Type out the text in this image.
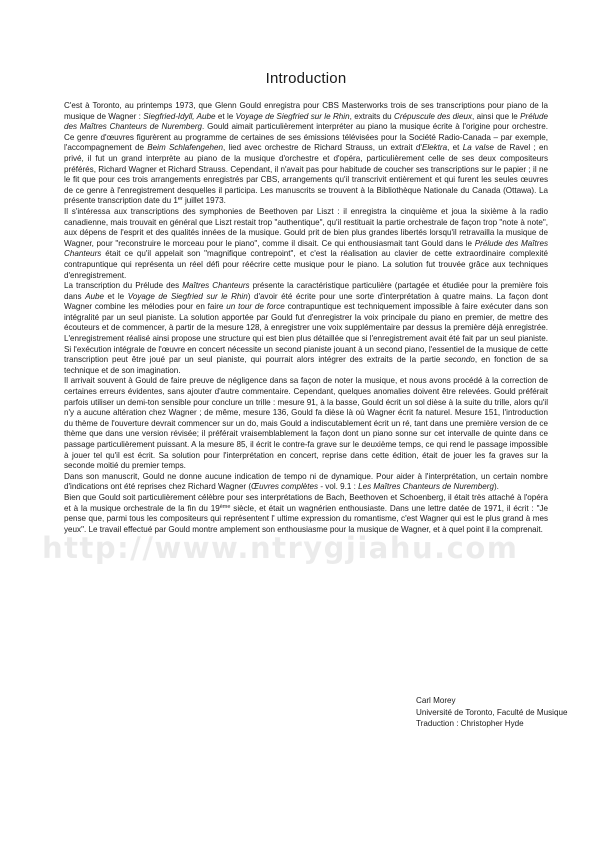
Introduction

C'est à Toronto, au printemps 1973, que Glenn Gould enregistra pour CBS Masterworks trois de ses transcriptions pour piano de la musique de Wagner : Siegfried-Idyll, Aube et le Voyage de Siegfried sur le Rhin, extraits du Crépuscule des dieux, ainsi que le Prélude des Maîtres Chanteurs de Nuremberg. Gould aimait particulièrement interpréter au piano la musique écrite à l'origine pour orchestre. Ce genre d'œuvres figurèrent au programme de certaines de ses émissions télévisées pour la Société Radio-Canada – par exemple, l'accompagnement de Beim Schlafengehen, lied avec orchestre de Richard Strauss, un extrait d'Elektra, et La valse de Ravel ; en privé, il fut un grand interprète au piano de la musique d'orchestre et d'opéra, particulièrement celle de ses deux compositeurs préférés, Richard Wagner et Richard Strauss. Cependant, il n'avait pas pour habitude de coucher ses transcriptions sur le papier ; il ne le fit que pour ces trois arrangements enregistrés par CBS, arrangements qu'il transcrivit entièrement et qui furent les seules œuvres de ce genre à l'enregistrement desquelles il participa. Les manuscrits se trouvent à la Bibliothèque Nationale du Canada (Ottawa). La présente transcription date du 1er juillet 1973.

Il s'intéressa aux transcriptions des symphonies de Beethoven par Liszt : il enregistra la cinquième et joua la sixième à la radio canadienne, mais trouvait en général que Liszt restait trop "authentique", qu'il restituait la partie orchestrale de façon trop "note à note", aux dépens de l'esprit et des qualités innées de la musique. Gould prit de bien plus grandes libertés lorsqu'il retravailla la musique de Wagner, pour "reconstruire le morceau pour le piano", comme il disait. Ce qui enthousiasmait tant Gould dans le Prélude des Maîtres Chanteurs était ce qu'il appelait son "magnifique contrepoint", et c'est la réalisation au clavier de cette extraordinaire complexité contrapuntique qui représenta un réel défi pour réécrire cette musique pour le piano. La solution fut trouvée grâce aux techniques d'enregistrement.

La transcription du Prélude des Maîtres Chanteurs présente la caractéristique particulière (partagée et étudiée pour la première fois dans Aube et le Voyage de Siegfried sur le Rhin) d'avoir été écrite pour une sorte d'interprétation à quatre mains. La façon dont Wagner combine les mélodies pour en faire un tour de force contrapuntique est techniquement impossible à faire exécuter dans son intégralité par un seul pianiste. La solution apportée par Gould fut d'enregistrer la voix principale du piano en premier, de mettre des écouteurs et de commencer, à partir de la mesure 128, à enregistrer une voix supplémentaire par dessus la première déjà enregistrée. L'enregistrement réalisé ainsi propose une structure qui est bien plus détaillée que si l'enregistrement avait été fait par un seul pianiste. Si l'exécution intégrale de l'œuvre en concert nécessite un second pianiste jouant à un second piano, l'essentiel de la musique de cette transcription peut être joué par un seul pianiste, qui pourrait alors intégrer des extraits de la partie secondo, en fonction de sa technique et de son imagination.

Il arrivait souvent à Gould de faire preuve de négligence dans sa façon de noter la musique, et nous avons procédé à la correction de certaines erreurs évidentes, sans ajouter d'autre commentaire. Cependant, quelques anomalies doivent être relevées. Gould préférait parfois utiliser un demi-ton sensible pour conclure un trille : mesure 91, à la basse, Gould écrit un sol dièse à la suite du trille, alors qu'il n'y a aucune altération chez Wagner ; de même, mesure 136, Gould fa dièse là où Wagner écrit fa naturel. Mesure 151, l'introduction du thème de l'ouverture devrait commencer sur un do, mais Gould a indiscutablement écrit un ré, tant dans une première version de ce thème que dans une version révisée; il préférait vraisemblablement la façon dont un piano sonne sur cet intervalle de quinte dans ce passage particulièrement puissant. A la mesure 85, il écrit le contre-fa grave sur le deuxième temps, ce qui rend le passage impossible à jouer tel qu'il est écrit. Sa solution pour l'interprétation en concert, reprise dans cette édition, était de jouer les fa graves sur la seconde moitié du premier temps.

Dans son manuscrit, Gould ne donne aucune indication de tempo ni de dynamique. Pour aider à l'interprétation, un certain nombre d'indications ont été reprises chez Richard Wagner (Œuvres complètes - vol. 9.1 : Les Maîtres Chanteurs de Nuremberg).

Bien que Gould soit particulièrement célèbre pour ses interprétations de Bach, Beethoven et Schoenberg, il était très attaché à l'opéra et à la musique orchestrale de la fin du 19ème siècle, et était un wagnérien enthousiaste. Dans une lettre datée de 1971, il écrit : "Je pense que, parmi tous les compositeurs qui représentent l' ultime expression du romantisme, c'est Wagner qui est le plus grand à mes yeux". Le travail effectué par Gould montre amplement son enthousiasme pour la musique de Wagner, et à quel point il la comprenait.

Carl Morey
Université de Toronto, Faculté de Musique
Traduction : Christopher Hyde
http://www.ntrygjiahu.com
